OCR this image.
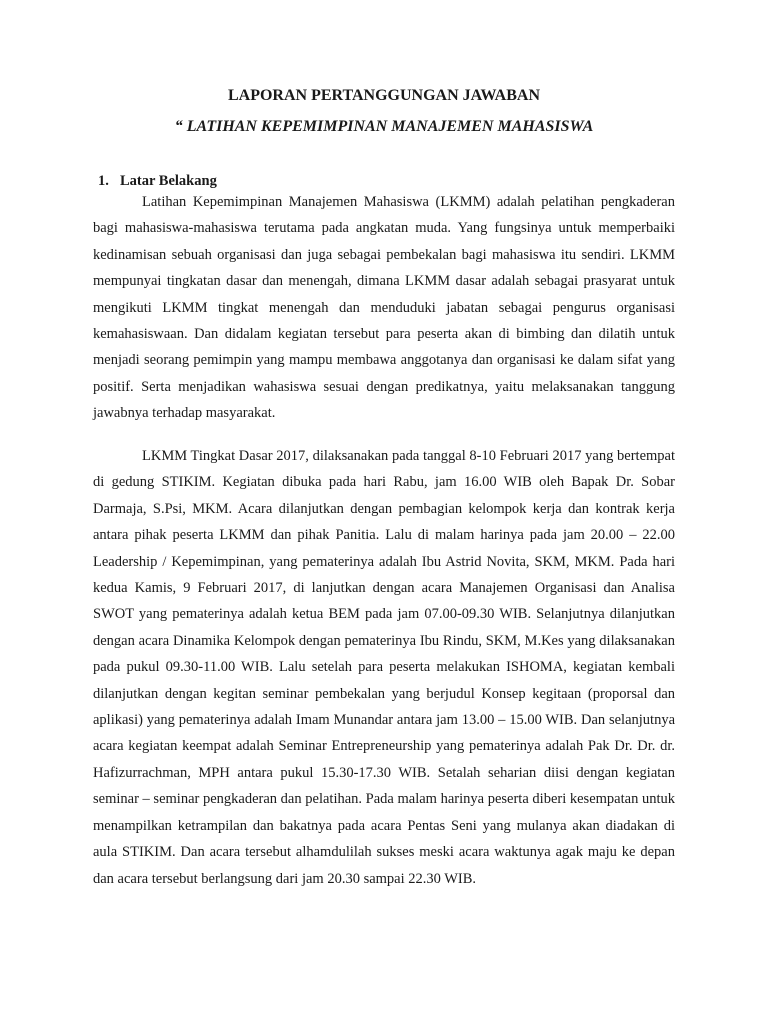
LAPORAN PERTANGGUNGAN JAWABAN
“ LATIHAN KEPEMIMPINAN MANAJEMEN MAHASISWA
1. Latar Belakang

Latihan Kepemimpinan Manajemen Mahasiswa (LKMM) adalah pelatihan pengkaderan bagi mahasiswa-mahasiswa terutama pada angkatan muda. Yang fungsinya untuk memperbaiki kedinamisan sebuah organisasi dan juga sebagai pembekalan bagi mahasiswa itu sendiri. LKMM mempunyai tingkatan dasar dan menengah, dimana LKMM dasar adalah sebagai prasyarat untuk mengikuti LKMM tingkat menengah dan menduduki jabatan sebagai pengurus organisasi kemahasiswaan. Dan didalam kegiatan tersebut para peserta akan di bimbing dan dilatih untuk menjadi seorang pemimpin yang mampu membawa anggotanya dan organisasi ke dalam sifat yang positif. Serta menjadikan wahasiswa sesuai dengan predikatnya, yaitu melaksanakan tanggung jawabnya terhadap masyarakat.

LKMM Tingkat Dasar 2017, dilaksanakan pada tanggal 8-10 Februari 2017 yang bertempat di gedung STIKIM. Kegiatan dibuka pada hari Rabu, jam 16.00 WIB oleh Bapak Dr. Sobar Darmaja, S.Psi, MKM. Acara dilanjutkan dengan pembagian kelompok kerja dan kontrak kerja antara pihak peserta LKMM dan pihak Panitia. Lalu di malam harinya pada jam 20.00 – 22.00 Leadership / Kepemimpinan, yang pematerinya adalah Ibu Astrid Novita, SKM, MKM. Pada hari kedua Kamis, 9 Februari 2017, di lanjutkan dengan acara Manajemen Organisasi dan Analisa SWOT yang pematerinya adalah ketua BEM pada jam 07.00-09.30 WIB. Selanjutnya dilanjutkan dengan acara Dinamika Kelompok dengan pematerinya Ibu Rindu, SKM, M.Kes yang dilaksanakan pada pukul 09.30-11.00 WIB. Lalu setelah para peserta melakukan ISHOMA, kegiatan kembali dilanjutkan dengan kegitan seminar pembekalan yang berjudul Konsep kegitaan (proporsal dan aplikasi) yang pematerinya adalah Imam Munandar antara jam 13.00 – 15.00 WIB. Dan selanjutnya acara kegiatan keempat adalah Seminar Entrepreneurship yang pematerinya adalah Pak Dr. Dr. dr. Hafizurrachman, MPH antara pukul 15.30-17.30 WIB. Setalah seharian diisi dengan kegiatan seminar – seminar pengkaderan dan pelatihan. Pada malam harinya peserta diberi kesempatan untuk menampilkan ketrampilan dan bakatnya pada acara Pentas Seni yang mulanya akan diadakan di aula STIKIM. Dan acara tersebut alhamdulilah sukses meski acara waktunya agak maju ke depan dan acara tersebut berlangsung dari jam 20.30 sampai 22.30 WIB.
